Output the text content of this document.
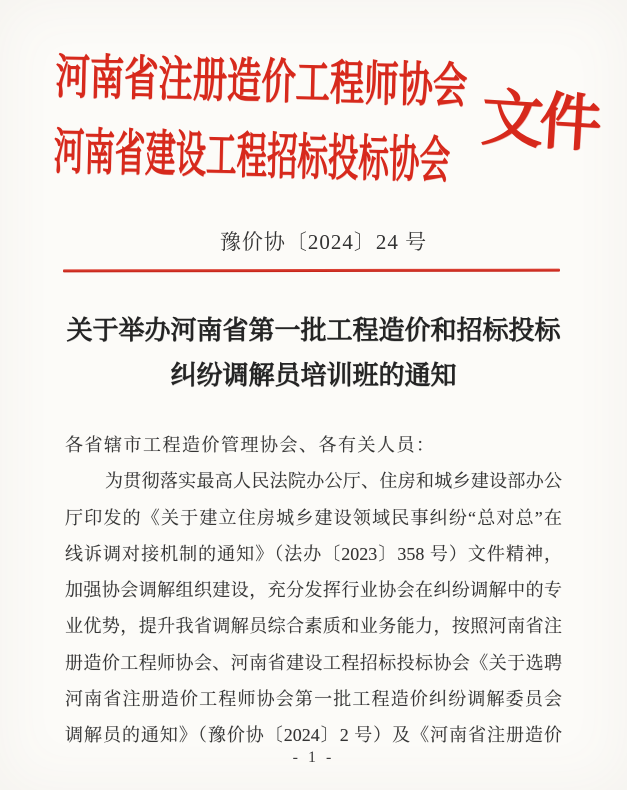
河南省注册造价工程师协会
河南省建设工程招标投标协会 文件
豫价协〔2024〕24 号
关于举办河南省第一批工程造价和招标投标
纠纷调解员培训班的通知
各省辖市工程造价管理协会、各有关人员：
为贯彻落实最高人民法院办公厅、住房和城乡建设部办公
厅印发的《关于建立住房城乡建设领域民事纠纷“总对总”在
线诉调对接机制的通知》（法办〔2023〕358 号）文件精神，
加强协会调解组织建设，充分发挥行业协会在纠纷调解中的专
业优势，提升我省调解员综合素质和业务能力，按照河南省注
册造价工程师协会、河南省建设工程招标投标协会《关于选聘
河南省注册造价工程师协会第一批工程造价纠纷调解委员会
调解员的通知》（豫价协〔2024〕2 号）及《河南省注册造价
- 1 -
